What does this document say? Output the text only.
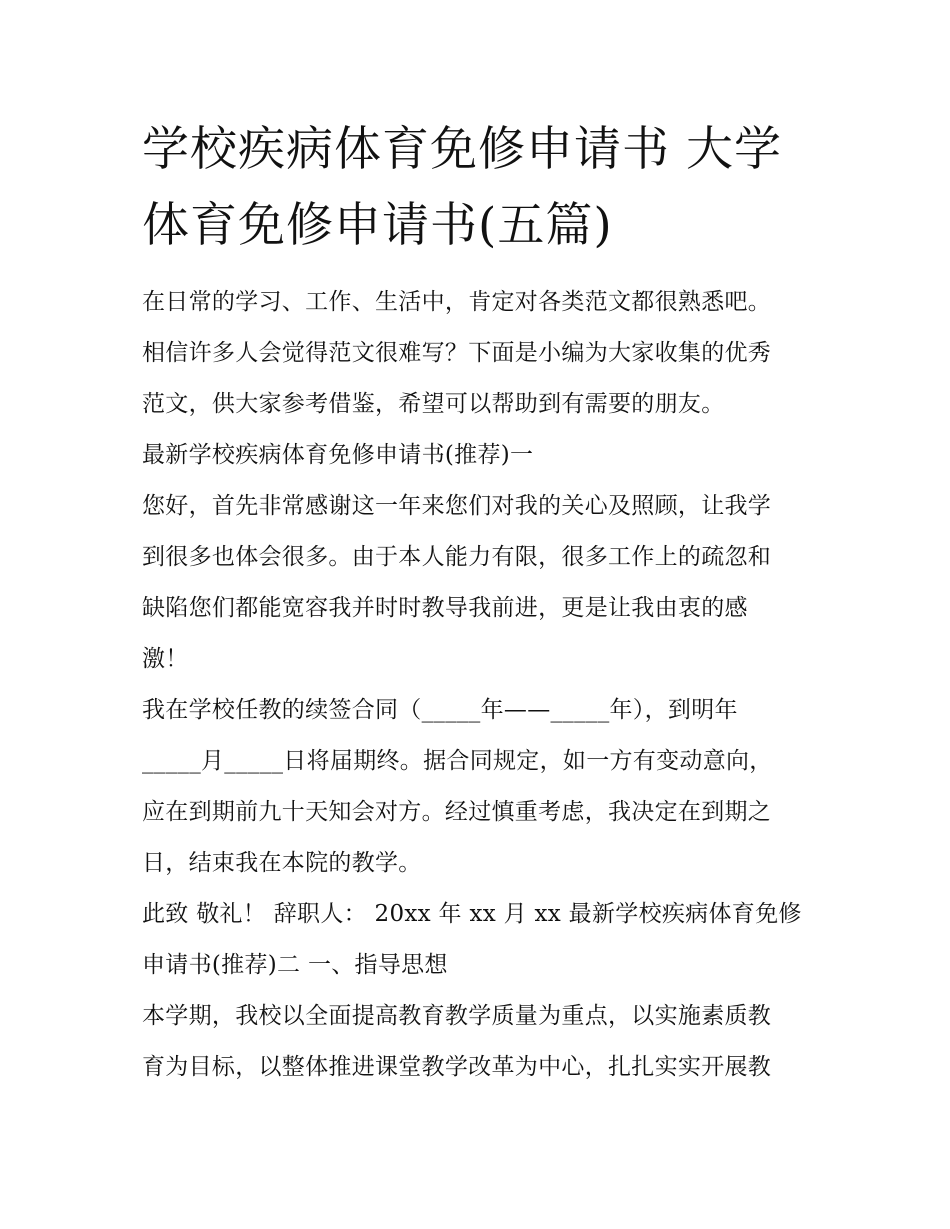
学校疾病体育免修申请书 大学
体育免修申请书(五篇)
在日常的学习、工作、生活中，肯定对各类范文都很熟悉吧。
相信许多人会觉得范文很难写？下面是小编为大家收集的优秀
范文，供大家参考借鉴，希望可以帮助到有需要的朋友。
最新学校疾病体育免修申请书(推荐)一
您好，首先非常感谢这一年来您们对我的关心及照顾，让我学
到很多也体会很多。由于本人能力有限，很多工作上的疏忽和
缺陷您们都能宽容我并时时教导我前进，更是让我由衷的感
激！
我在学校任教的续签合同（_____年——_____年），到明年
_____月_____日将届期终。据合同规定，如一方有变动意向，
应在到期前九十天知会对方。经过慎重考虑，我决定在到期之
日，结束我在本院的教学。
此致 敬礼！ 辞职人： 20xx 年 xx 月 xx 最新学校疾病体育免修
申请书(推荐)二 一、指导思想
本学期，我校以全面提高教育教学质量为重点，以实施素质教
育为目标，以整体推进课堂教学改革为中心，扎扎实实开展教
